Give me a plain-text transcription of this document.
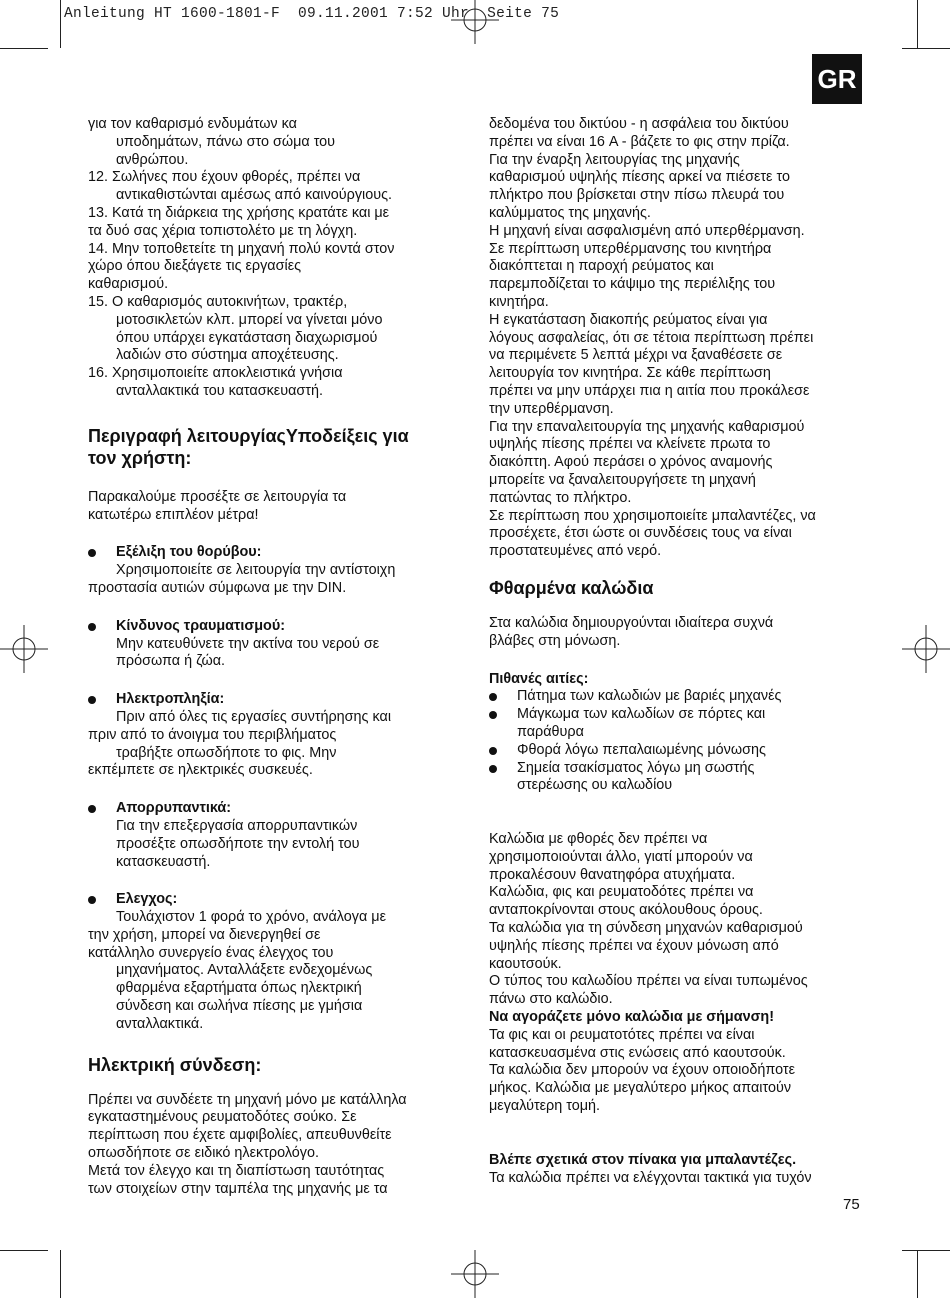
Anleitung HT 1600-1801-F  09.11.2001 7:52 Uhr  Seite 75
GR

για τον καθαρισμό ενδυμάτων κα

υποδημάτων, πάνω στο σώμα του

ανθρώπου.

12. Σωλήνες που έχουν φθορές, πρέπει να

αντικαθιστώνται αμέσως από καινούργιους.

13. Κατά τη διάρκεια της χρήσης κρατάτε και με

τα δυό σας χέρια τοπιστολέτο με τη λόγχη.

14. Μην τοποθετείτε τη μηχανή πολύ κοντά στον

χώρο όπου διεξάγετε τις εργασίες

καθαρισμού.

15. Ο καθαρισμός αυτοκινήτων, τρακτέρ,

μοτοσικλετών κλπ. μπορεί να γίνεται μόνο

όπου υπάρχει εγκατάσταση διαχωρισμού

λαδιών στο σύστημα αποχέτευσης.

16. Χρησιμοποιείτε αποκλειστικά γνήσια

ανταλλακτικά του κατασκευαστή.

Περιγραφή λειτουργίαςΥποδείξεις για

τον χρήστη:

Παρακαλούμε προσέξτε σε λειτουργία τα

κατωτέρω επιπλέον μέτρα!

Εξέλιξη του θορύβου:

Χρησιμοποιείτε σε λειτουργία την αντίστοιχη

προστασία αυτιών σύμφωνα με την DIN.

Κίνδυνος τραυματισμού:

Μην κατευθύνετε την ακτίνα του νερού σε

πρόσωπα ή ζώα.

Ηλεκτροπληξία:

Πριν από όλες τις εργασίες συντήρησης και

πριν από το άνοιγμα του περιβλήματος

τραβήξτε οπωσδήποτε το φις. Μην

εκπέμπετε σε ηλεκτρικές συσκευές.

Απορρυπαντικά:

Για την επεξεργασία απορρυπαντικών

προσέξτε οπωσδήποτε την εντολή του

κατασκευαστή.

Ελεγχος:

Τουλάχιστον 1 φορά το χρόνο, ανάλογα με

την χρήση, μπορεί να διενεργηθεί σε

κατάλληλο συνεργείο ένας έλεγχος του

μηχανήματος. Ανταλλάξετε ενδεχομένως

φθαρμένα εξαρτήματα όπως ηλεκτρική

σύνδεση και σωλήνα πίεσης με γμήσια

ανταλλακτικά.

Ηλεκτρική σύνδεση:

Πρέπει να συνδέετε τη μηχανή μόνο με κατάλληλα

εγκαταστημένους ρευματοδότες σούκο. Σε

περίπτωση που έχετε αμφιβολίες, απευθυνθείτε

οπωσδήποτε σε ειδικό ηλεκτρολόγο.

Μετά τον έλεγχο και τη διαπίστωση ταυτότητας

των στοιχείων στην ταμπέλα της μηχανής με τα

δεδομένα του δικτύου - η ασφάλεια του δικτύου

πρέπει να είναι 16 A - βάζετε το φις στην πρίζα.

Για την έναρξη λειτουργίας της μηχανής

καθαρισμού υψηλής πίεσης αρκεί να πιέσετε το

πλήκτρο που βρίσκεται στην πίσω πλευρά του

καλύμματος της μηχανής.

Η μηχανή είναι ασφαλισμένη από υπερθέρμανση.

Σε περίπτωση υπερθέρμανσης του κινητήρα

διακόπτεται η παροχή ρεύματος και

παρεμποδίζεται το κάψιμο της περιέλιξης του

κινητήρα.

Η εγκατάσταση διακοπής ρεύματος είναι για

λόγους ασφαλείας, ότι σε τέτοια περίπτωση πρέπει

να περιμένετε 5 λεπτά μέχρι να ξαναθέσετε σε

λειτουργία τον κινητήρα. Σε κάθε περίπτωση

πρέπει να μην υπάρχει πια η αιτία που προκάλεσε

την υπερθέρμανση.

Για την επαναλειτουργία της μηχανής καθαρισμού

υψηλής πίεσης πρέπει να κλείνετε πρωτα το

διακόπτη. Αφού περάσει ο χρόνος αναμονής

μπορείτε να ξαναλειτουργήσετε τη μηχανή

πατώντας το πλήκτρο.

Σε περίπτωση που χρησιμοποιείτε μπαλαντέζες, να

προσέχετε, έτσι ώστε οι συνδέσεις τους να είναι

προστατευμένες από νερό.

Φθαρμένα καλώδια

Στα καλώδια δημιουργούνται ιδιαίτερα συχνά

βλάβες στη μόνωση.

Πιθανές αιτίες:

Πάτημα των καλωδιών με βαριές μηχανές

Μάγκωμα των καλωδίων σε πόρτες και

παράθυρα

Φθορά λόγω πεπαλαιωμένης μόνωσης

Σημεία τσακίσματος λόγω μη σωστής

στερέωσης ου καλωδίου

Καλώδια με φθορές δεν πρέπει να

χρησιμοποιούνται άλλο, γιατί μπορούν να

προκαλέσουν θανατηφόρα ατυχήματα.

Καλώδια, φις και ρευματοδότες πρέπει να

ανταποκρίνονται στους ακόλουθους όρους.

Τα καλώδια για τη σύνδεση μηχανών καθαρισμού

υψηλής πίεσης πρέπει να έχουν μόνωση από

καουτσούκ.

Ο τύπος του καλωδίου πρέπει να είναι τυπωμένος

πάνω στο καλώδιο.

Να αγοράζετε μόνο καλώδια με σήμανση!

Τα φις και οι ρευματοτότες πρέπει να είναι

κατασκευασμένα στις ενώσεις από καουτσούκ.

Τα καλώδια δεν μπορούν να έχουν οποιοδήποτε

μήκος. Καλώδια με μεγαλύτερο μήκος απαιτούν

μεγαλύτερη τομή.

Βλέπε σχετικά στον πίνακα για μπαλαντέζες.

Τα καλώδια πρέπει να ελέγχονται τακτικά για τυχόν

75
